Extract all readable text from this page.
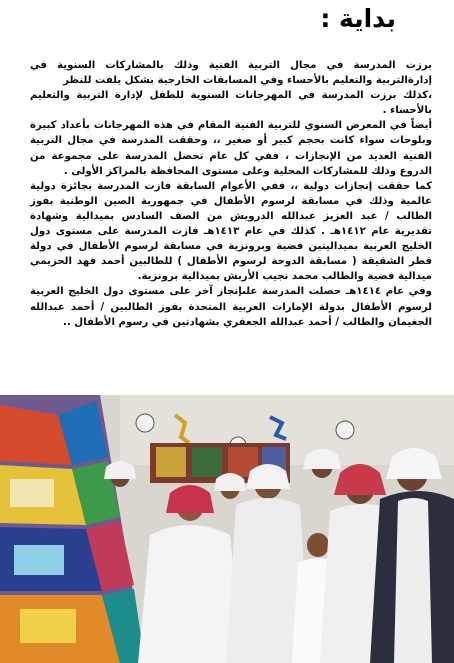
بداية :

برزت المدرسة في مجال التربية الفنية وذلك بالمشاركات السنوية في إدارةالتربية والتعليم بالأحساء وفي المسابقات الخارجية بشكل يلفت للنظر

،كذلك برزت المدرسة في المهرجانات السنوية للطفل لإدارة التربية والتعليم بالأحساء .

أيضاً في المعرض السنوي للتربية الفنية المقام في هذه المهرجانات بأعداد كبيرة وبلوحات سواء كانت بحجم كبير أو صغير ،، وحققت المدرسة في مجال التربية الفنية العديد من الإنجازات ، ففي كل عام تحصل المدرسة على مجموعة من الدروع وذلك للمشاركات المحلية وعلى مستوى المحافظة بالمراكز الأولى .

كما حققت إنجازات دولية ،، ففي الأعوام السابقة فازت المدرسة بجائزة دولية عالمية وذلك في مسابقة لرسوم الأطفال في جمهورية الصين الوطنية بفوز الطالب / عبد العزيز عبدالله الدرويش من الصف السادس بميدالية وشهادة تقديرية عام ١٤١٢هـ . كذلك في عام ١٤١٣هـ فازت المدرسة على مستوى دول الخليج العربية بميداليتين فضية وبرونزية في مسابقة لرسوم الأطفال في دولة قطر الشقيقة ( مسابقة الدوحة لرسوم الأطفال ) للطالبين أحمد فهد الحزيمي ميدالية فضية والطالب محمد نجيب الأربش بميدالية برونزية.

وفي عام ١٤١٤هـ حصلت المدرسة علىإنجاز آخر على مستوى دول الخليج العربية لرسوم الأطفال بدولة الإمارات العربية المتحدة بفوز الطالبين / أحمد عبدالله الجغيمان والطالب / أحمد عبدالله الجعفري بشهادتين في رسوم الأطفال ..
